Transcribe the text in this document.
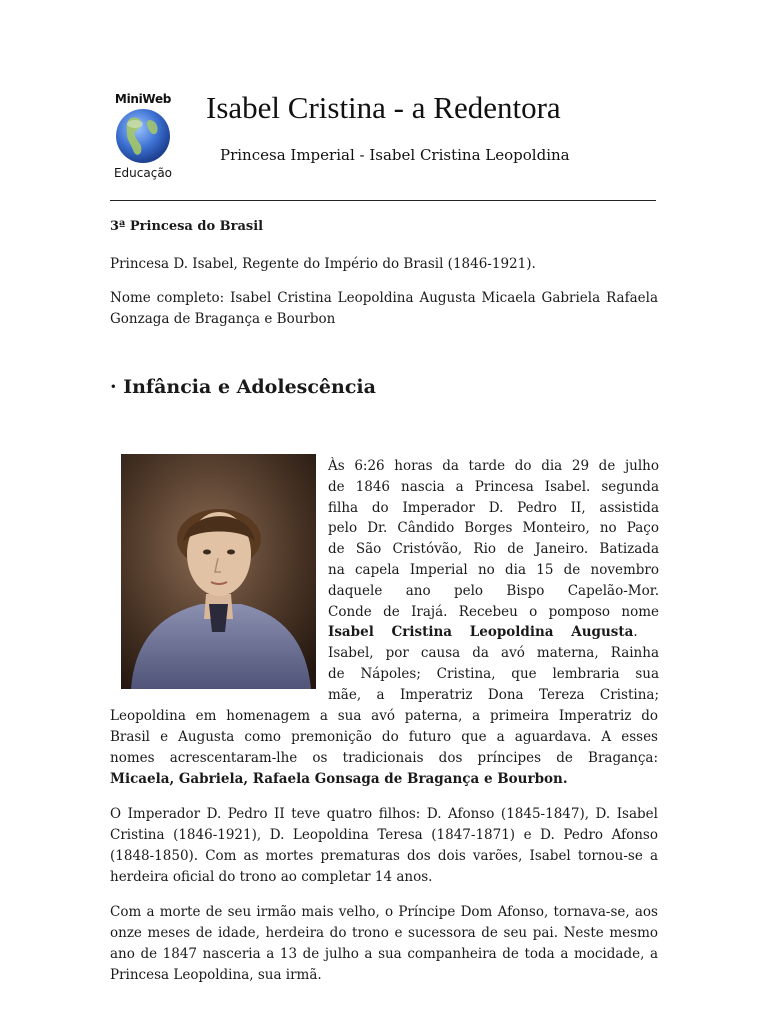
MiniWeb
Educação
Isabel Cristina - a Redentora
Princesa Imperial - Isabel Cristina Leopoldina
3ª Princesa do Brasil
Princesa D. Isabel, Regente do Império do Brasil (1846-1921).
Nome completo: Isabel Cristina Leopoldina Augusta Micaela Gabriela Rafaela Gonzaga de Bragança e Bourbon
· Infância e Adolescência
Às 6:26 horas da tarde do dia 29 de julho
de 1846 nascia a Princesa Isabel. segunda
filha do Imperador D. Pedro II, assistida
pelo Dr. Cândido Borges Monteiro, no Paço
de São Cristóvão, Rio de Janeiro. Batizada
na capela Imperial no dia 15 de novembro
daquele ano pelo Bispo Capelão-Mor.
Conde de Irajá. Recebeu o pomposo nome
Isabel Cristina Leopoldina Augusta.
Isabel, por causa da avó materna, Rainha
de Nápoles; Cristina, que lembraria sua
mãe, a Imperatriz Dona Tereza Cristina;
Leopoldina em homenagem a sua avó paterna, a primeira Imperatriz do
Brasil e Augusta como premonição do futuro que a aguardava. A esses
nomes acrescentaram-lhe os tradicionais dos príncipes de Bragança:
Micaela, Gabriela, Rafaela Gonsaga de Bragança e Bourbon.
O Imperador D. Pedro II teve quatro filhos: D. Afonso (1845-1847), D. Isabel Cristina (1846-1921), D. Leopoldina Teresa (1847-1871) e D. Pedro Afonso (1848-1850). Com as mortes prematuras dos dois varões, Isabel tornou-se a herdeira oficial do trono ao completar 14 anos.
Com a morte de seu irmão mais velho, o Príncipe Dom Afonso, tornava-se, aos onze meses de idade, herdeira do trono e sucessora de seu pai. Neste mesmo ano de 1847 nasceria a 13 de julho a sua companheira de toda a mocidade, a Princesa Leopoldina, sua irmã.
